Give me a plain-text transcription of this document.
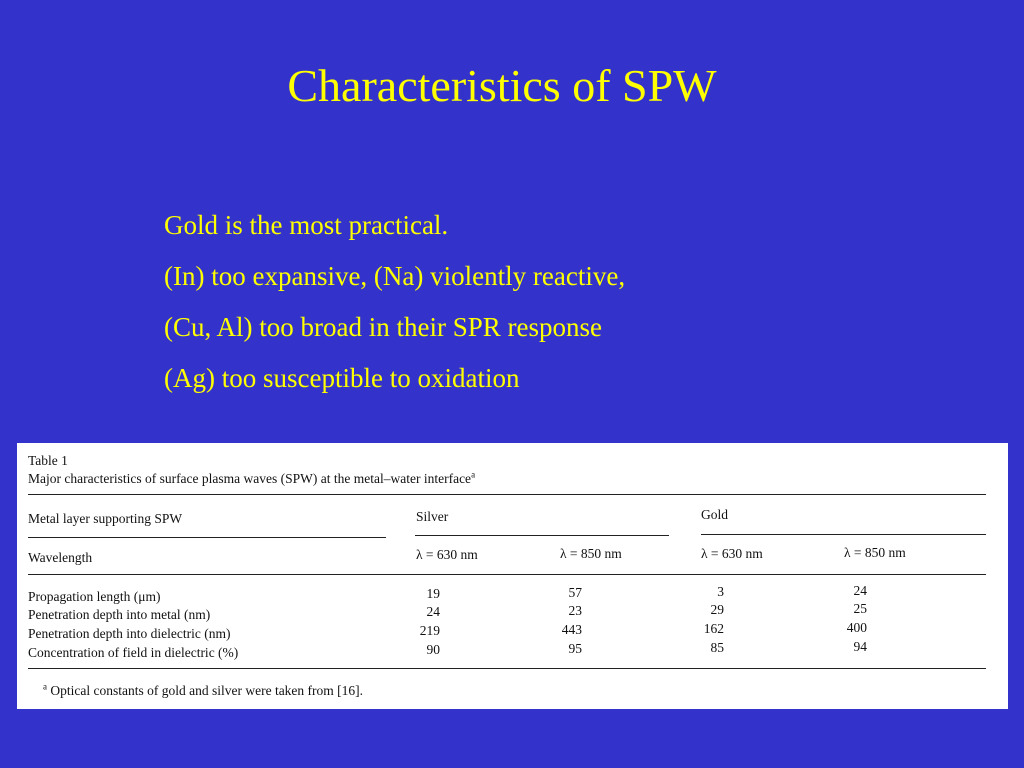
Characteristics of SPW
Gold is the most practical.
(In) too expansive, (Na) violently reactive,
(Cu, Al) too broad in their SPR response
(Ag) too susceptible to oxidation
Table 1
Major characteristics of surface plasma waves (SPW) at the metal–water interface$^a$
Metal layer supporting SPW	Silver	Gold
Wavelength	λ = 630 nm	λ = 850 nm	λ = 630 nm	λ = 850 nm
Propagation length (μm)	19	57	3	24
Penetration depth into metal (nm)	24	23	29	25
Penetration depth into dielectric (nm)	219	443	162	400
Concentration of field in dielectric (%)	90	95	85	94
$^a$ Optical constants of gold and silver were taken from [16].
